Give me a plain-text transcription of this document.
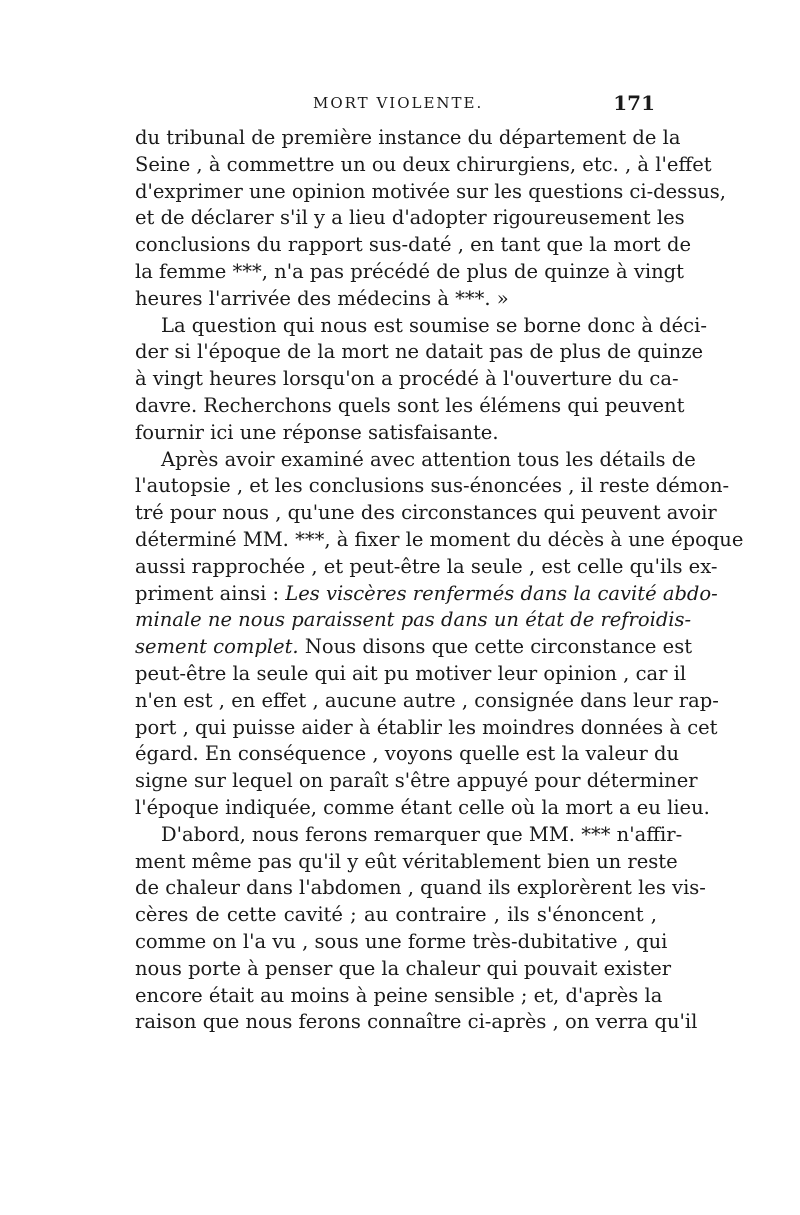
MORT VIOLENTE.	171
du tribunal de première instance du département de la
Seine , à commettre un ou deux chirurgiens, etc. , à l'effet
d'exprimer une opinion motivée sur les questions ci-dessus,
et de déclarer s'il y a lieu d'adopter rigoureusement les
conclusions du rapport sus-daté , en tant que la mort de
la femme ***, n'a pas précédé de plus de quinze à vingt
heures l'arrivée des médecins à ***. »
La question qui nous est soumise se borne donc à déci-
der si l'époque de la mort ne datait pas de plus de quinze
à vingt heures lorsqu'on a procédé à l'ouverture du ca-
davre. Recherchons quels sont les élémens qui peuvent
fournir ici une réponse satisfaisante.
Après avoir examiné avec attention tous les détails de
l'autopsie , et les conclusions sus-énoncées , il reste démon-
tré pour nous , qu'une des circonstances qui peuvent avoir
déterminé MM. ***, à fixer le moment du décès à une époque
aussi rapprochée , et peut-être la seule , est celle qu'ils ex-
priment ainsi : Les viscères renfermés dans la cavité abdo-
minale ne nous paraissent pas dans un état de refroidis-
sement complet. Nous disons que cette circonstance est
peut-être la seule qui ait pu motiver leur opinion , car il
n'en est , en effet , aucune autre , consignée dans leur rap-
port , qui puisse aider à établir les moindres données à cet
égard. En conséquence , voyons quelle est la valeur du
signe sur lequel on paraît s'être appuyé pour déterminer
l'époque indiquée, comme étant celle où la mort a eu lieu.
D'abord, nous ferons remarquer que MM. *** n'affir-
ment même pas qu'il y eût véritablement bien un reste
de chaleur dans l'abdomen , quand ils explorèrent les vis-
cères de cette cavité ; au contraire , ils s'énoncent ,
comme on l'a vu , sous une forme très-dubitative , qui
nous porte à penser que la chaleur qui pouvait exister
encore était au moins à peine sensible ; et, d'après la
raison que nous ferons connaître ci-après , on verra qu'il
